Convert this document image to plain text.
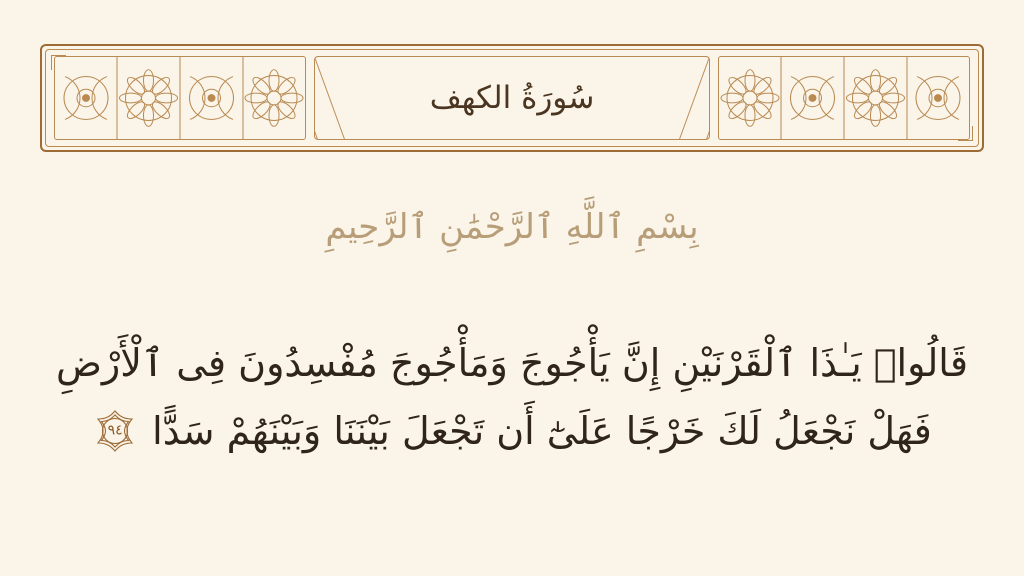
سُورَةُ الكهف
بِسْمِ ٱللَّهِ ٱلرَّحْمَٰنِ ٱلرَّحِيمِ
قَالُوا۟ يَـٰذَا ٱلْقَرْنَيْنِ إِنَّ يَأْجُوجَ وَمَأْجُوجَ مُفْسِدُونَ فِى ٱلْأَرْضِ
فَهَلْ نَجْعَلُ لَكَ خَرْجًا عَلَىٰٓ أَن تَجْعَلَ بَيْنَنَا وَبَيْنَهُمْ سَدًّا
٩٤
